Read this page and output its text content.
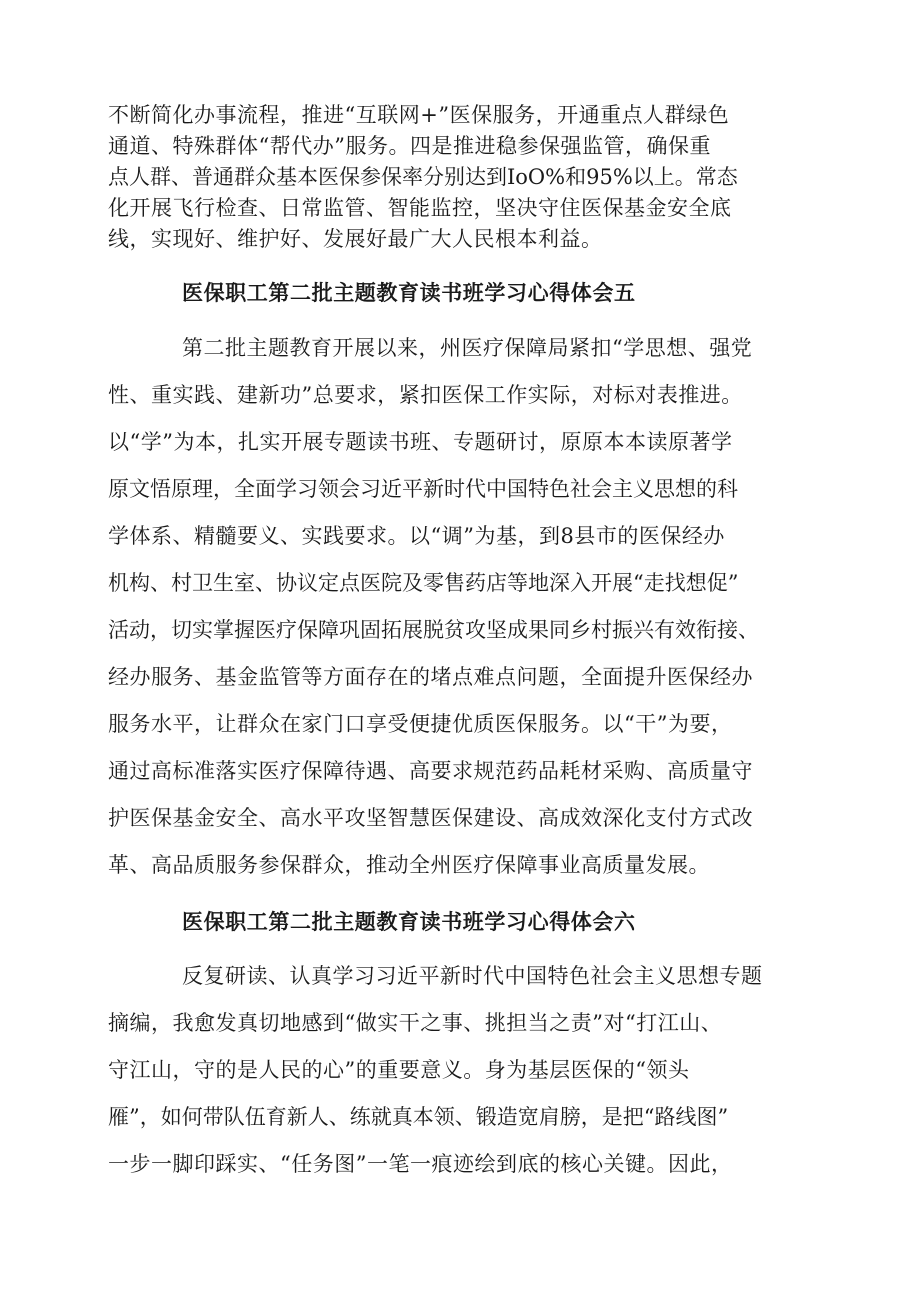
不断简化办事流程，推进“互联网+”医保服务，开通重点人群绿色
通道、特殊群体“帮代办”服务。四是推进稳参保强监管，确保重
点人群、普通群众基本医保参保率分别达到IoO%和95%以上。常态
化开展飞行检查、日常监管、智能监控，坚决守住医保基金安全底
线，实现好、维护好、发展好最广大人民根本利益。
医保职工第二批主题教育读书班学习心得体会五
第二批主题教育开展以来，州医疗保障局紧扣“学思想、强党
性、重实践、建新功”总要求，紧扣医保工作实际，对标对表推进。
以“学”为本，扎实开展专题读书班、专题研讨，原原本本读原著学
原文悟原理，全面学习领会习近平新时代中国特色社会主义思想的科
学体系、精髓要义、实践要求。以“调”为基，到8县市的医保经办
机构、村卫生室、协议定点医院及零售药店等地深入开展“走找想促”
活动，切实掌握医疗保障巩固拓展脱贫攻坚成果同乡村振兴有效衔接、
经办服务、基金监管等方面存在的堵点难点问题，全面提升医保经办
服务水平，让群众在家门口享受便捷优质医保服务。以“干”为要，
通过高标准落实医疗保障待遇、高要求规范药品耗材采购、高质量守
护医保基金安全、高水平攻坚智慧医保建设、高成效深化支付方式改
革、高品质服务参保群众，推动全州医疗保障事业高质量发展。
医保职工第二批主题教育读书班学习心得体会六
反复研读、认真学习习近平新时代中国特色社会主义思想专题
摘编，我愈发真切地感到“做实干之事、挑担当之责”对“打江山、
守江山，守的是人民的心”的重要意义。身为基层医保的“领头
雁”，如何带队伍育新人、练就真本领、锻造宽肩膀，是把“路线图”
一步一脚印踩实、“任务图”一笔一痕迹绘到底的核心关键。因此，
